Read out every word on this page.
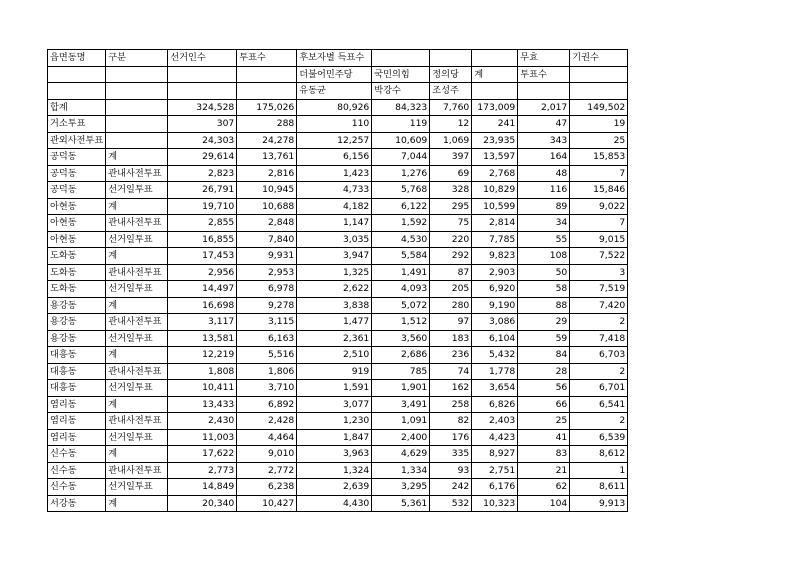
읍면동명	구분	선거인수	투표수	후보자별 득표수				무효	기권수
				더불어민주당	국민의힘	정의당	계	투표수	
				유동균	박강수	조성주			
합계		324,528	175,026	80,926	84,323	7,760	173,009	2,017	149,502
거소투표		307	288	110	119	12	241	47	19
관외사전투표		24,303	24,278	12,257	10,609	1,069	23,935	343	25
공덕동	계	29,614	13,761	6,156	7,044	397	13,597	164	15,853
공덕동	관내사전투표	2,823	2,816	1,423	1,276	69	2,768	48	7
공덕동	선거일투표	26,791	10,945	4,733	5,768	328	10,829	116	15,846
아현동	계	19,710	10,688	4,182	6,122	295	10,599	89	9,022
아현동	관내사전투표	2,855	2,848	1,147	1,592	75	2,814	34	7
아현동	선거일투표	16,855	7,840	3,035	4,530	220	7,785	55	9,015
도화동	계	17,453	9,931	3,947	5,584	292	9,823	108	7,522
도화동	관내사전투표	2,956	2,953	1,325	1,491	87	2,903	50	3
도화동	선거일투표	14,497	6,978	2,622	4,093	205	6,920	58	7,519
용강동	계	16,698	9,278	3,838	5,072	280	9,190	88	7,420
용강동	관내사전투표	3,117	3,115	1,477	1,512	97	3,086	29	2
용강동	선거일투표	13,581	6,163	2,361	3,560	183	6,104	59	7,418
대흥동	계	12,219	5,516	2,510	2,686	236	5,432	84	6,703
대흥동	관내사전투표	1,808	1,806	919	785	74	1,778	28	2
대흥동	선거일투표	10,411	3,710	1,591	1,901	162	3,654	56	6,701
염리동	계	13,433	6,892	3,077	3,491	258	6,826	66	6,541
염리동	관내사전투표	2,430	2,428	1,230	1,091	82	2,403	25	2
염리동	선거일투표	11,003	4,464	1,847	2,400	176	4,423	41	6,539
신수동	계	17,622	9,010	3,963	4,629	335	8,927	83	8,612
신수동	관내사전투표	2,773	2,772	1,324	1,334	93	2,751	21	1
신수동	선거일투표	14,849	6,238	2,639	3,295	242	6,176	62	8,611
서강동	계	20,340	10,427	4,430	5,361	532	10,323	104	9,913
